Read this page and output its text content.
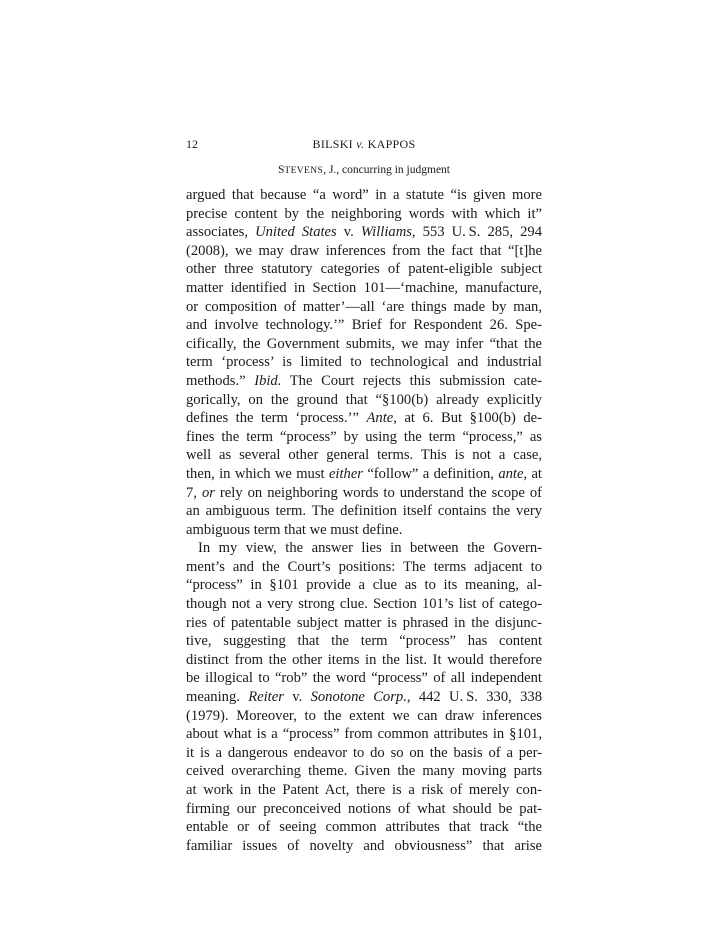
12	BILSKI v. KAPPOS
STEVENS, J., concurring in judgment
argued that because “a word” in a statute “is given more
precise content by the neighboring words with which it”
associates, United States v. Williams, 553 U. S. 285, 294
(2008), we may draw inferences from the fact that “[t]he
other three statutory categories of patent-eligible subject
matter identified in Section 101—‘machine, manufacture,
or composition of matter’—all ‘are things made by man,
and involve technology.’” Brief for Respondent 26. Spe-
cifically, the Government submits, we may infer “that the
term ‘process’ is limited to technological and industrial
methods.” Ibid. The Court rejects this submission cate-
gorically, on the ground that “§100(b) already explicitly
defines the term ‘process.’” Ante, at 6. But §100(b) de-
fines the term “process” by using the term “process,” as
well as several other general terms. This is not a case,
then, in which we must either “follow” a definition, ante, at
7, or rely on neighboring words to understand the scope of
an ambiguous term. The definition itself contains the very
ambiguous term that we must define.
In my view, the answer lies in between the Govern-
ment’s and the Court’s positions: The terms adjacent to
“process” in §101 provide a clue as to its meaning, al-
though not a very strong clue. Section 101’s list of catego-
ries of patentable subject matter is phrased in the disjunc-
tive, suggesting that the term “process” has content
distinct from the other items in the list. It would therefore
be illogical to “rob” the word “process” of all independent
meaning. Reiter v. Sonotone Corp., 442 U. S. 330, 338
(1979). Moreover, to the extent we can draw inferences
about what is a “process” from common attributes in §101,
it is a dangerous endeavor to do so on the basis of a per-
ceived overarching theme. Given the many moving parts
at work in the Patent Act, there is a risk of merely con-
firming our preconceived notions of what should be pat-
entable or of seeing common attributes that track “the
familiar issues of novelty and obviousness” that arise
